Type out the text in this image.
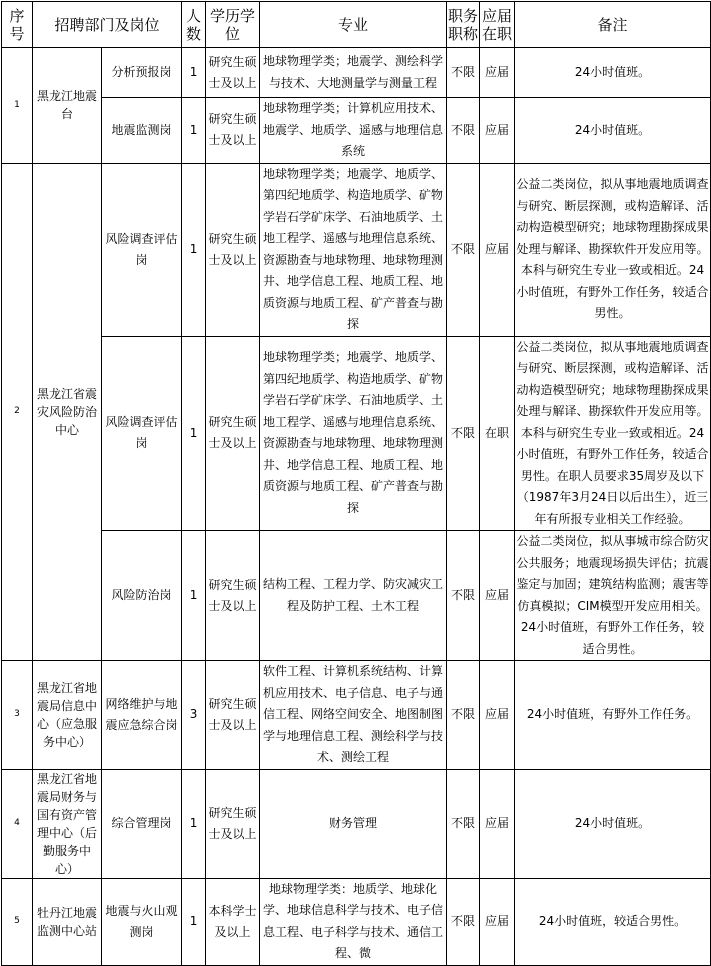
序号	招聘部门及岗位		人数	学历学位	专业	职务职称	应届在职	备注
1	黑龙江地震台	分析预报岗	1	研究生硕士及以上	地球物理学类；地震学、测绘科学与技术、大地测量学与测量工程	不限	应届	24小时值班。
		地震监测岗	1	研究生硕士及以上	地球物理学类；计算机应用技术、地震学、地质学、遥感与地理信息系统	不限	应届	24小时值班。
2	黑龙江省震灾风险防治中心	风险调查评估岗	1	研究生硕士及以上	地球物理学类；地震学、地质学、第四纪地质学、构造地质学、矿物学岩石学矿床学、石油地质学、土地工程学、遥感与地理信息系统、资源勘查与地球物理、地球物理测井、地学信息工程、地质工程、地质资源与地质工程、矿产普查与勘探	不限	应届	公益二类岗位，拟从事地震地质调查与研究、断层探测，或构造解译、活动构造模型研究；地球物理勘探成果处理与解译、勘探软件开发应用等。本科与研究生专业一致或相近。24小时值班，有野外工作任务，较适合男性。
		风险调查评估岗	1	研究生硕士及以上	地球物理学类；地震学、地质学、第四纪地质学、构造地质学、矿物学岩石学矿床学、石油地质学、土地工程学、遥感与地理信息系统、资源勘查与地球物理、地球物理测井、地学信息工程、地质工程、地质资源与地质工程、矿产普查与勘探	不限	在职	公益二类岗位，拟从事地震地质调查与研究、断层探测，或构造解译、活动构造模型研究；地球物理勘探成果处理与解译、勘探软件开发应用等。本科与研究生专业一致或相近。24小时值班，有野外工作任务，较适合男性。在职人员要求35周岁及以下（1987年3月24日以后出生），近三年有所报专业相关工作经验。
		风险防治岗	1	研究生硕士及以上	结构工程、工程力学、防灾减灾工程及防护工程、土木工程	不限	应届	公益二类岗位，拟从事城市综合防灾公共服务；地震现场损失评估；抗震鉴定与加固；建筑结构监测；震害等仿真模拟；CIM模型开发应用相关。24小时值班，有野外工作任务，较适合男性。
3	黑龙江省地震局信息中心（应急服务中心）	网络维护与地震应急综合岗	3	研究生硕士及以上	软件工程、计算机系统结构、计算机应用技术、电子信息、电子与通信工程、网络空间安全、地图制图学与地理信息工程、测绘科学与技术、测绘工程	不限	应届	24小时值班，有野外工作任务。
4	黑龙江省地震局财务与国有资产管理中心（后勤服务中心）	综合管理岗	1	研究生硕士及以上	财务管理	不限	应届	24小时值班。
5	牡丹江地震监测中心站	地震与火山观测岗	1	本科学士及以上	地球物理学类：地质学、地球化学、地球信息科学与技术、电子信息工程、电子科学与技术、通信工程、微	不限	应届	24小时值班，较适合男性。
